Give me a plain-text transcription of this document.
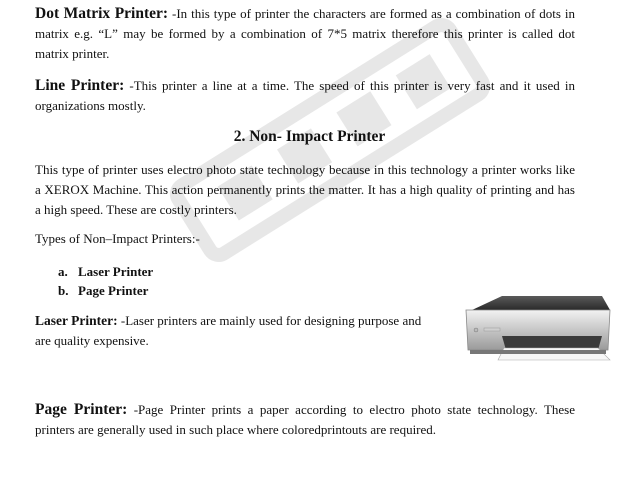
Dot Matrix Printer: -In this type of printer the characters are formed as a combination of dots in matrix e.g. “L” may be formed by a combination of 7*5 matrix therefore this printer is called dot matrix printer.

Line Printer: -This printer a line at a time. The speed of this printer is very fast and it used in organizations mostly.

2. Non- Impact Printer

This type of printer uses electro photo state technology because in this technology a printer works like a XEROX Machine. This action permanently prints the matter. It has a high quality of printing and has a high speed. These are costly printers.

Types of Non–Impact Printers:-

a. Laser Printer
b. Page Printer

Laser Printer: -Laser printers are mainly used for designing purpose and are quality expensive.

Page Printer: -Page Printer prints a paper according to electro photo state technology. These printers are generally used in such place where coloredprintouts are required.
